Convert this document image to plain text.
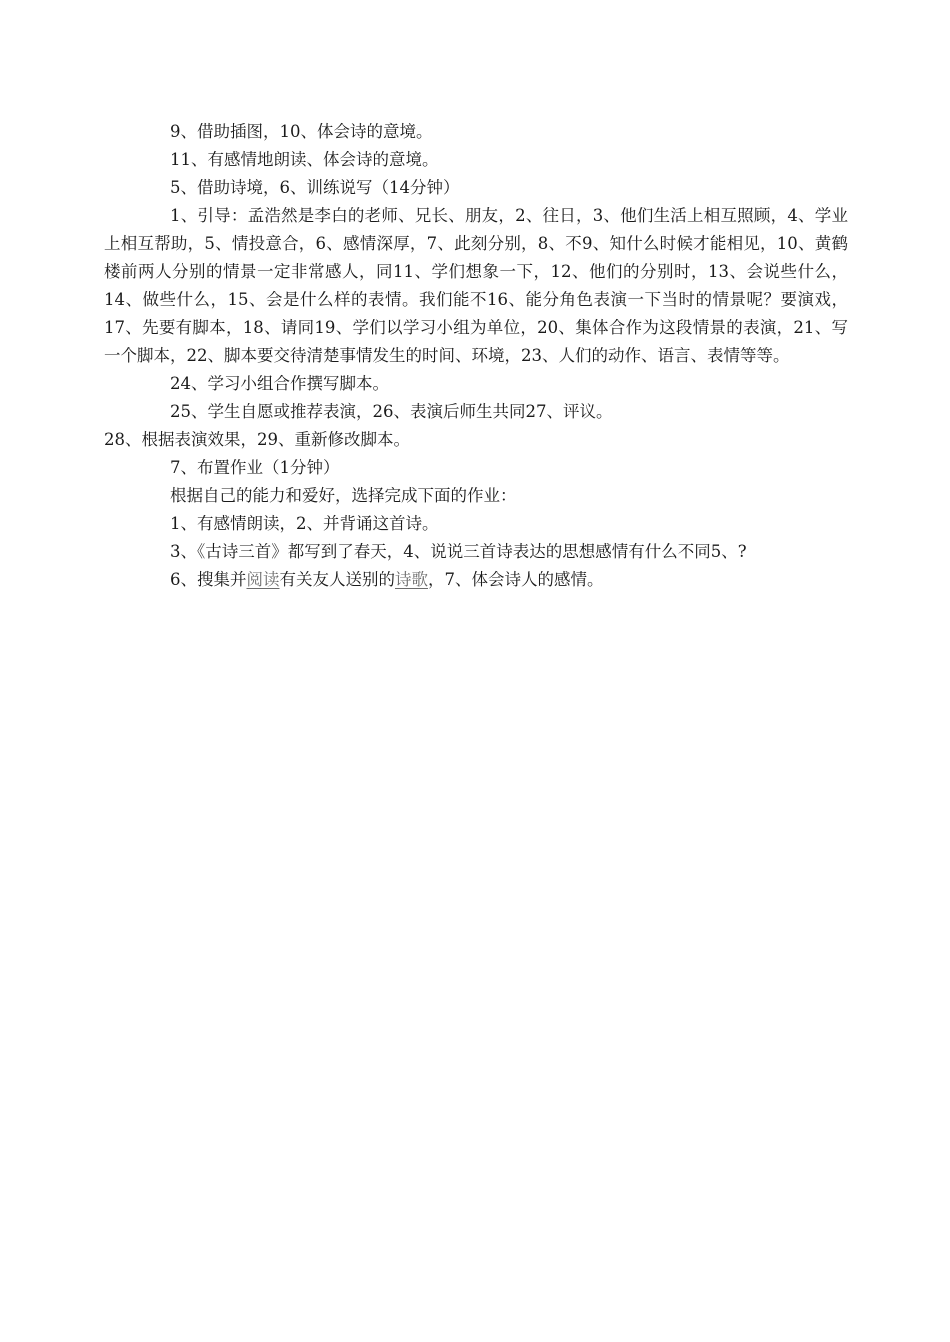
9、借助插图，10、体会诗的意境。

11、有感情地朗读、体会诗的意境。

5、借助诗境，6、训练说写（14分钟）

1、引导：孟浩然是李白的老师、兄长、朋友，2、往日，3、他们生活上相互照顾，4、学业上相互帮助，5、情投意合，6、感情深厚，7、此刻分别，8、不9、知什么时候才能相见，10、黄鹤楼前两人分别的情景一定非常感人，同11、学们想象一下，12、他们的分别时，13、会说些什么，14、做些什么，15、会是什么样的表情。我们能不16、能分角色表演一下当时的情景呢？要演戏，17、先要有脚本，18、请同19、学们以学习小组为单位，20、集体合作为这段情景的表演，21、写一个脚本，22、脚本要交待清楚事情发生的时间、环境，23、人们的动作、语言、表情等等。

24、学习小组合作撰写脚本。

25、学生自愿或推荐表演，26、表演后师生共同27、评议。

28、根据表演效果，29、重新修改脚本。

7、布置作业（1分钟）

根据自己的能力和爱好，选择完成下面的作业：

1、有感情朗读，2、并背诵这首诗。

3、《古诗三首》都写到了春天，4、说说三首诗表达的思想感情有什么不同5、?

6、搜集并阅读有关友人送别的诗歌，7、体会诗人的感情。
